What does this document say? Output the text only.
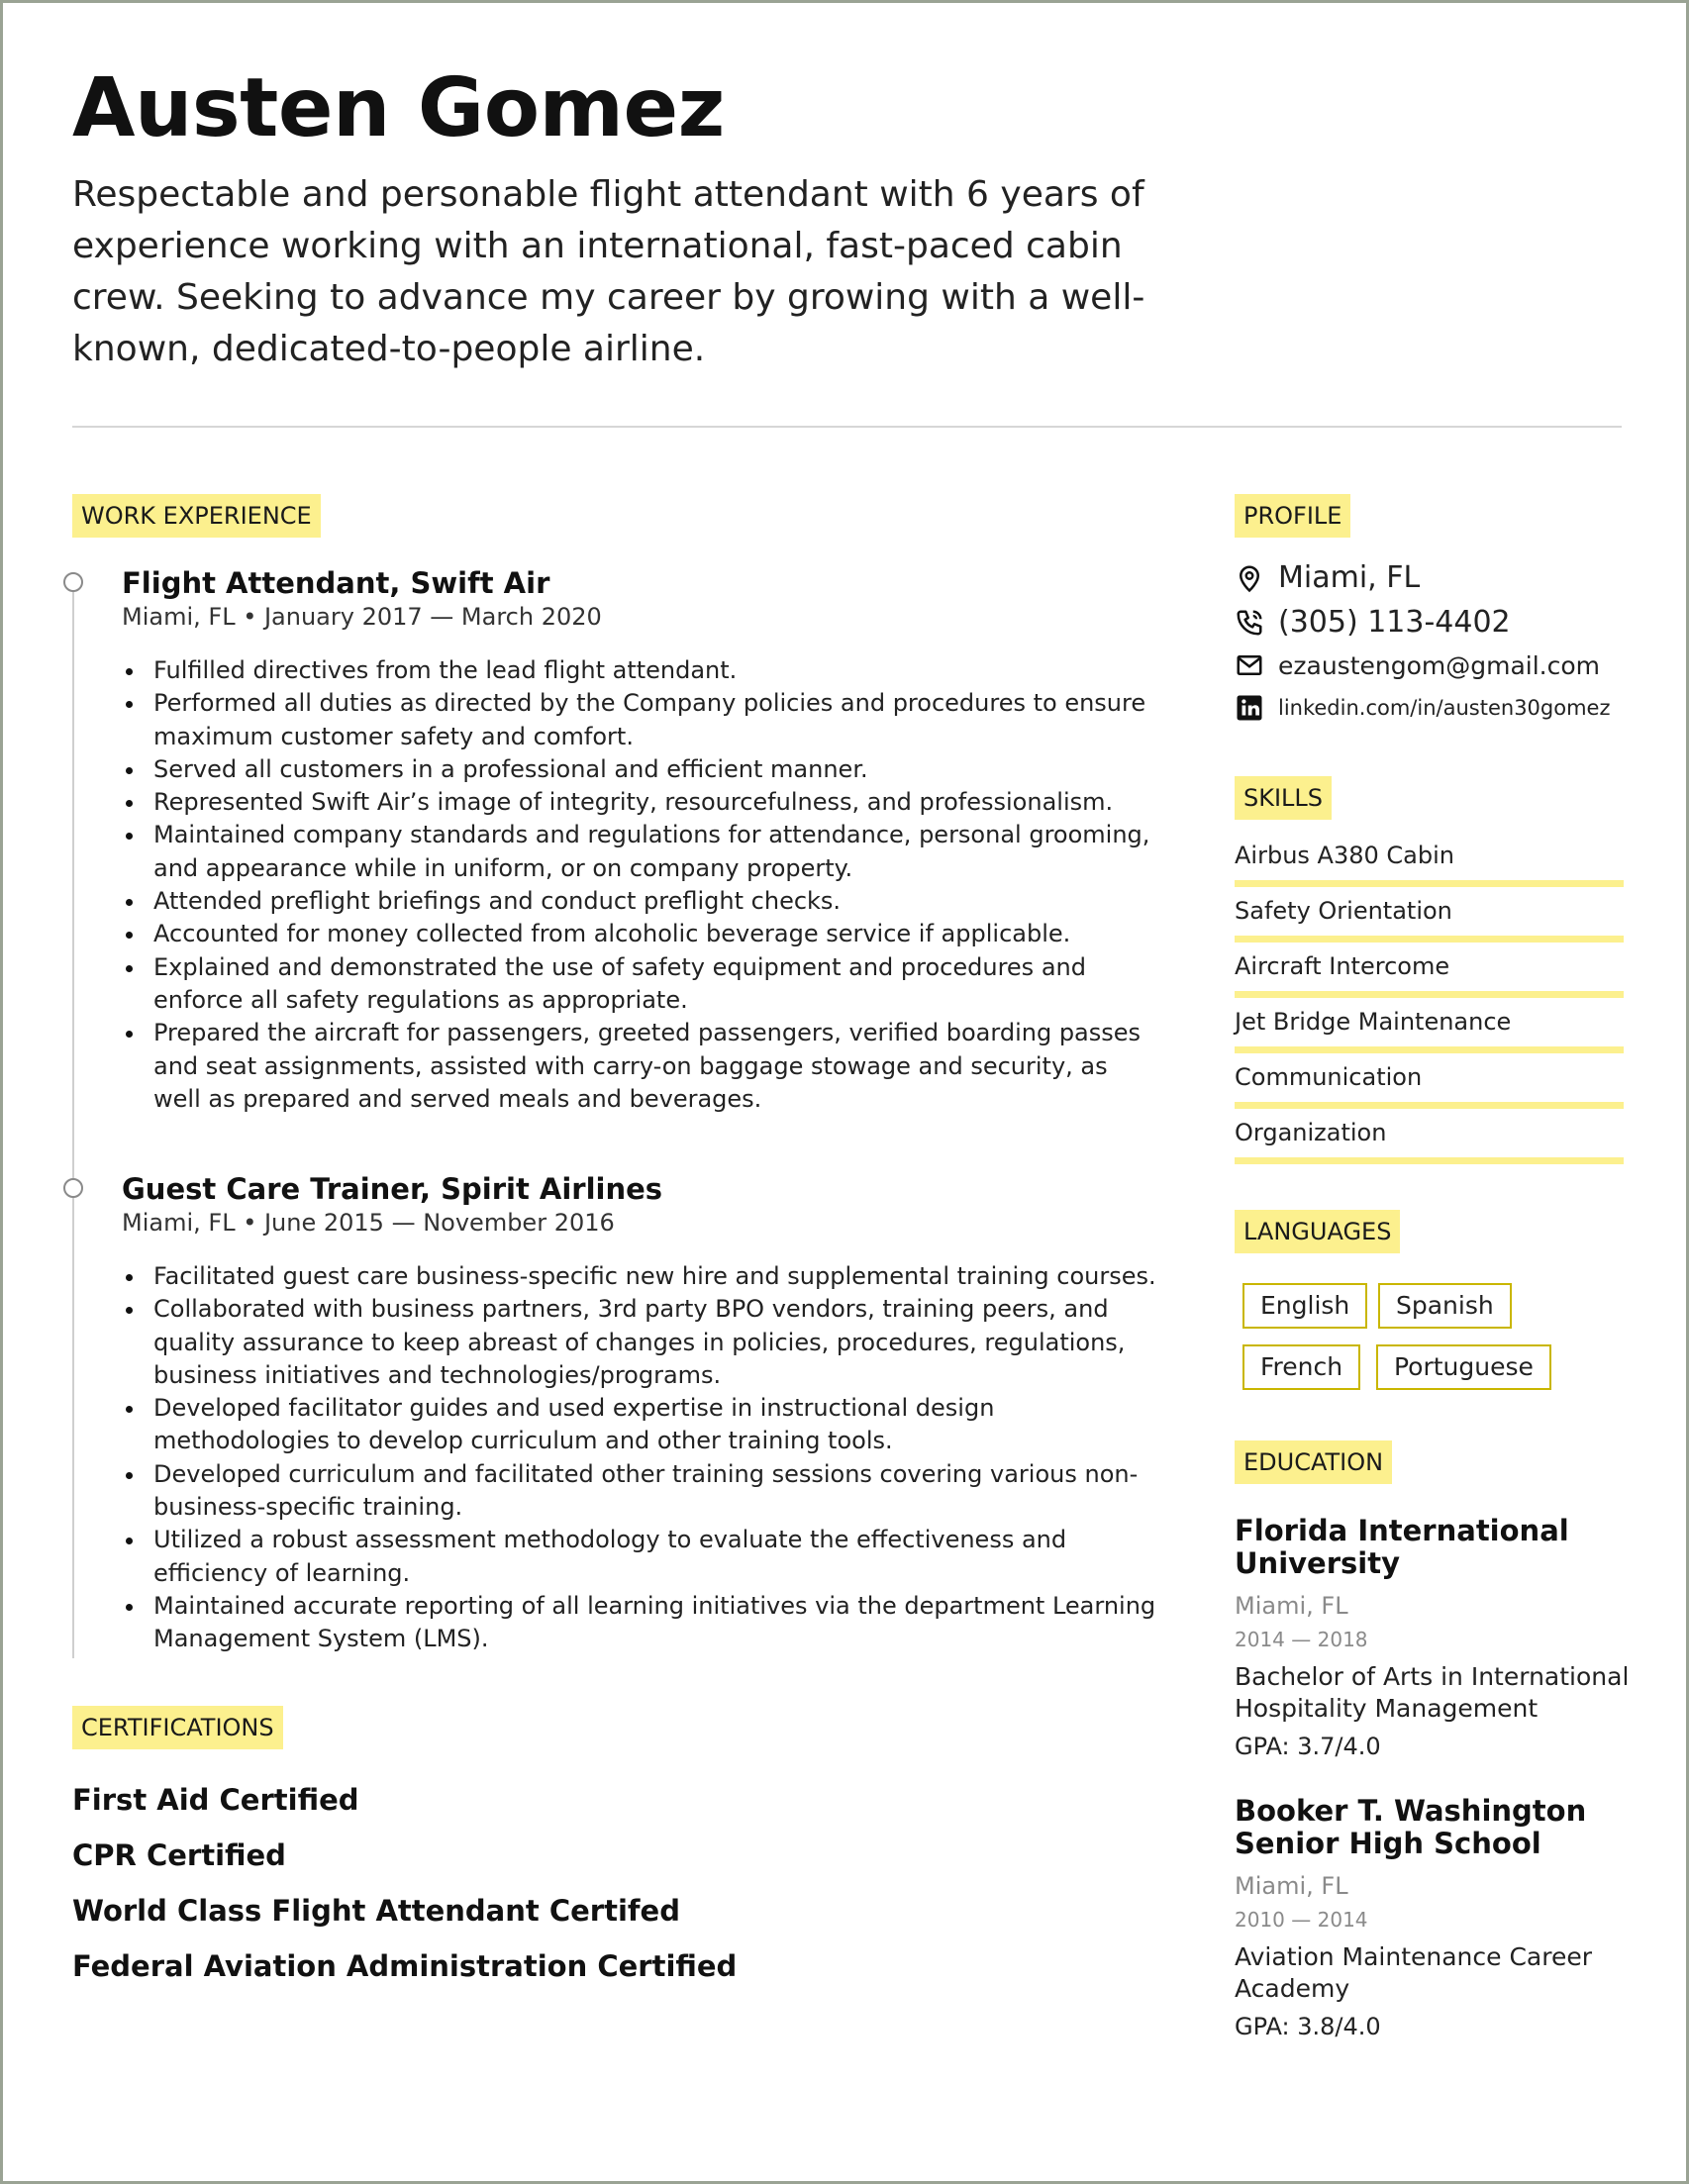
Austen Gomez

Respectable and personable flight attendant with 6 years of experience working with an international, fast-paced cabin crew. Seeking to advance my career by growing with a well-known, dedicated-to-people airline.

WORK EXPERIENCE
Flight Attendant, Swift Air
Miami, FL • January 2017 — March 2020
Fulfilled directives from the lead flight attendant.
Performed all duties as directed by the Company policies and procedures to ensure maximum customer safety and comfort.
Served all customers in a professional and efficient manner.
Represented Swift Air’s image of integrity, resourcefulness, and professionalism.
Maintained company standards and regulations for attendance, personal grooming, and appearance while in uniform, or on company property.
Attended preflight briefings and conduct preflight checks.
Accounted for money collected from alcoholic beverage service if applicable.
Explained and demonstrated the use of safety equipment and procedures and enforce all safety regulations as appropriate.
Prepared the aircraft for passengers, greeted passengers, verified boarding passes and seat assignments, assisted with carry-on baggage stowage and security, as well as prepared and served meals and beverages.
Guest Care Trainer, Spirit Airlines
Miami, FL • June 2015 — November 2016
Facilitated guest care business-specific new hire and supplemental training courses.
Collaborated with business partners, 3rd party BPO vendors, training peers, and quality assurance to keep abreast of changes in policies, procedures, regulations, business initiatives and technologies/programs.
Developed facilitator guides and used expertise in instructional design methodologies to develop curriculum and other training tools.
Developed curriculum and facilitated other training sessions covering various non-business-specific training.
Utilized a robust assessment methodology to evaluate the effectiveness and efficiency of learning.
Maintained accurate reporting of all learning initiatives via the department Learning Management System (LMS).
CERTIFICATIONS
First Aid Certified
CPR Certified
World Class Flight Attendant Certifed
Federal Aviation Administration Certified
PROFILE
Miami, FL
(305) 113-4402
ezaustengom@gmail.com
linkedin.com/in/austen30gomez
SKILLS
Airbus A380 Cabin
Safety Orientation
Aircraft Intercome
Jet Bridge Maintenance
Communication
Organization
LANGUAGES
English	Spanish
French	Portuguese
EDUCATION
Florida International University
Miami, FL
2014 — 2018
Bachelor of Arts in International Hospitality Management
GPA: 3.7/4.0
Booker T. Washington Senior High School
Miami, FL
2010 — 2014
Aviation Maintenance Career Academy
GPA: 3.8/4.0
